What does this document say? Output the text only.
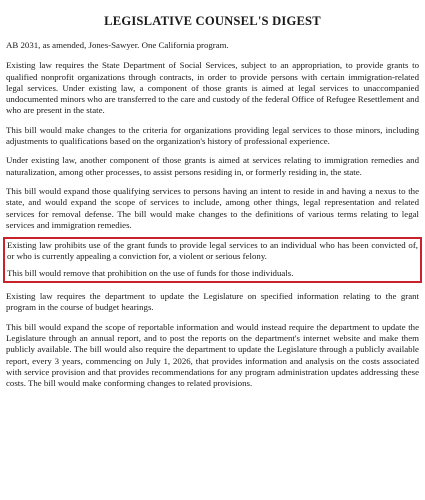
LEGISLATIVE COUNSEL'S DIGEST

AB 2031, as amended, Jones-Sawyer. One California program.

Existing law requires the State Department of Social Services, subject to an appropriation, to provide grants to qualified nonprofit organizations through contracts, in order to provide persons with certain immigration-related legal services. Under existing law, a component of those grants is aimed at legal services to unaccompanied undocumented minors who are transferred to the care and custody of the federal Office of Refugee Resettlement and who are present in the state.

This bill would make changes to the criteria for organizations providing legal services to those minors, including adjustments to qualifications based on the organization's history of professional experience.

Under existing law, another component of those grants is aimed at services relating to immigration remedies and naturalization, among other processes, to assist persons residing in, or formerly residing in, the state.

This bill would expand those qualifying services to persons having an intent to reside in and having a nexus to the state, and would expand the scope of services to include, among other things, legal representation and related services for removal defense. The bill would make changes to the definitions of various terms relating to legal services and immigration remedies.

Existing law prohibits use of the grant funds to provide legal services to an individual who has been convicted of, or who is currently appealing a conviction for, a violent or serious felony.

This bill would remove that prohibition on the use of funds for those individuals.

Existing law requires the department to update the Legislature on specified information relating to the grant program in the course of budget hearings.

This bill would expand the scope of reportable information and would instead require the department to update the Legislature through an annual report, and to post the reports on the department's internet website and make them publicly available. The bill would also require the department to update the Legislature through a publicly available report, every 3 years, commencing on July 1, 2026, that provides information and analysis on the costs associated with service provision and that provides recommendations for any program administration updates addressing these costs. The bill would make conforming changes to related provisions.
